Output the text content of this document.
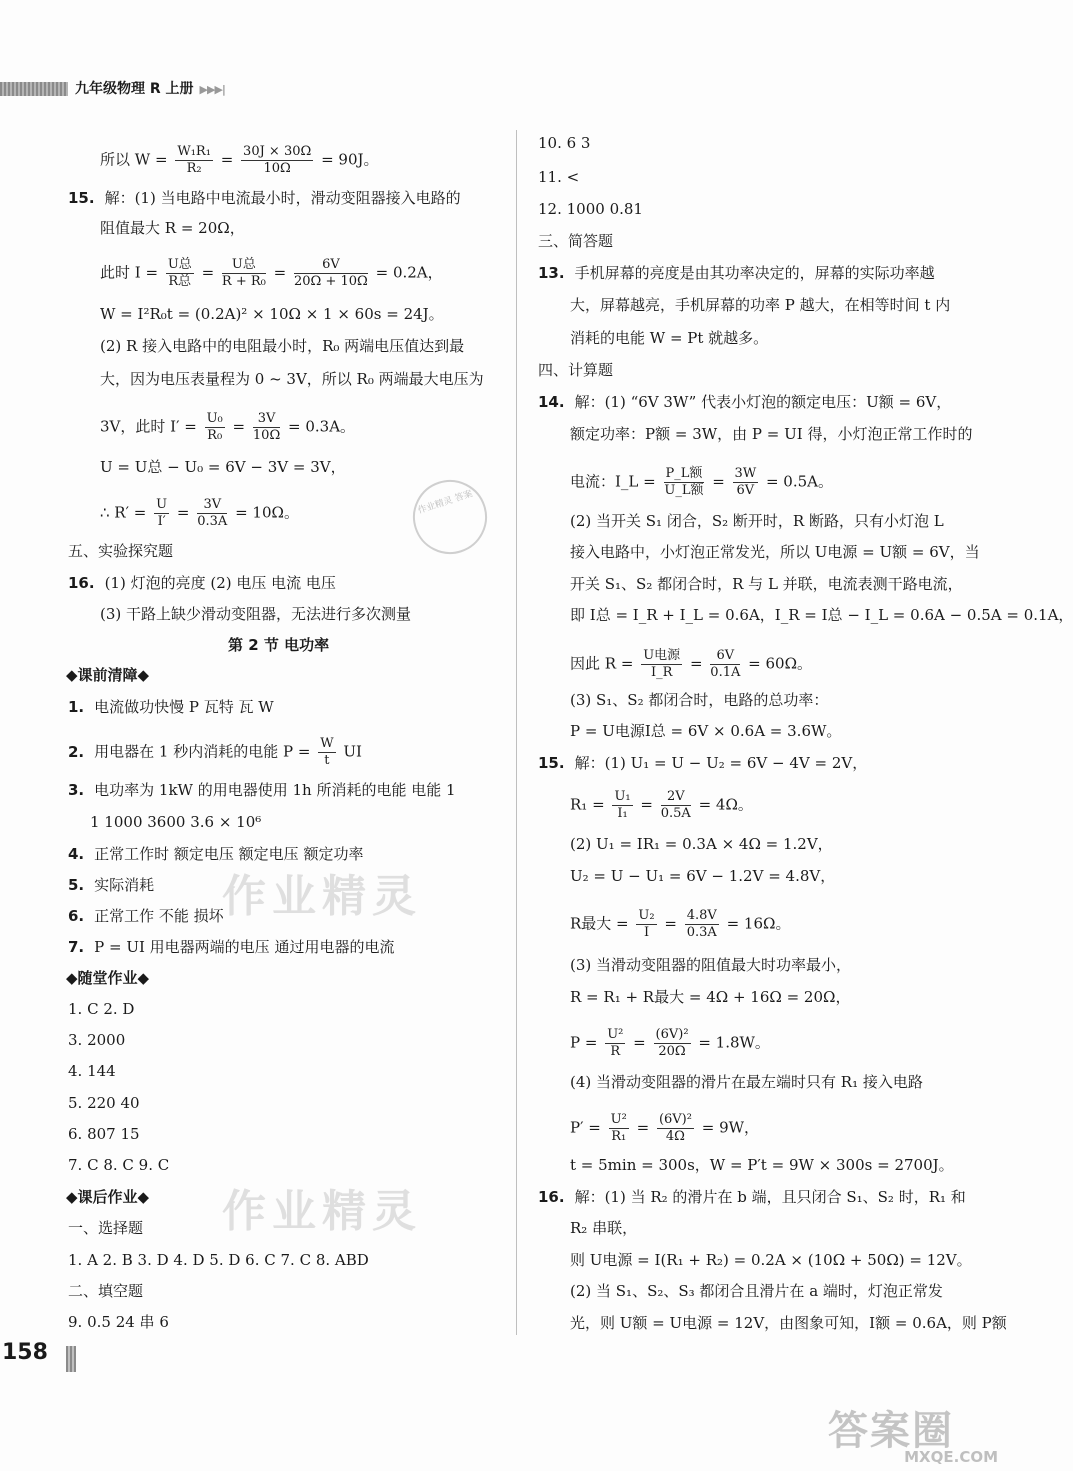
九年级物理 R 上册 ▶▶▶|
所以 $W = \frac{\text{W₁R₁}}{\text{R₂}} = \frac{30J \times 30\Omega}{10\Omega} = 90J$。
15. 解：(1) 当电路中电流最小时，滑动变阻器接入电路的
阻值最大 R = 20Ω，
此时 $I = \frac{\text{U总}}{\text{R总}} = \frac{\text{U总}}{\text{R + R₀}} = \frac{6V}{20\Omega + 10\Omega} = 0.2A$，
W = I²R₀t = (0.2A)² × 10Ω × 1 × 60s = 24J。
(2) R 接入电路中的电阻最小时，R₀ 两端电压值达到最
大，因为电压表量程为 0 ~ 3V，所以 R₀ 两端最大电压为
3V，此时 $I' = \frac{\text{U₀}}{\text{R₀}} = \frac{3V}{10\Omega} = 0.3A$。
U = U总 − U₀ = 6V − 3V = 3V，
∴ $R' = \frac{U}{I'} = \frac{3V}{0.3A} = 10\Omega$。
五、实验探究题
16. (1) 灯泡的亮度 (2) 电压 电流 电压
(3) 干路上缺少滑动变阻器，无法进行多次测量
第 2 节 电功率
◆课前清障◆
1. 电流做功快慢 P 瓦特 瓦 W
2. 用电器在 1 秒内消耗的电能 $P = \frac{W}{t}$ UI
3. 电功率为 1kW 的用电器使用 1h 所消耗的电能 电能 1
1 1000 3600 3.6 × 10⁶
4. 正常工作时 额定电压 额定电压 额定功率
5. 实际消耗
6. 正常工作 不能 损坏
7. P = UI 用电器两端的电压 通过用电器的电流
◆随堂作业◆
1. C 2. D
3. 2000
4. 144
5. 220 40
6. 807 15
7. C 8. C 9. C
◆课后作业◆
一、选择题
1. A 2. B 3. D 4. D 5. D 6. C 7. C 8. ABD
二、填空题
9. 0.5 24 串 6
10. 6 3
11. <
12. 1000 0.81
三、简答题
13. 手机屏幕的亮度是由其功率决定的，屏幕的实际功率越
大，屏幕越亮，手机屏幕的功率 P 越大，在相等时间 t 内
消耗的电能 W = Pt 就越多。
四、计算题
14. 解：(1) “6V 3W” 代表小灯泡的额定电压：U额 = 6V，
额定功率：P额 = 3W，由 P = UI 得，小灯泡正常工作时的
电流：I_L = $\frac{\text{P\_L额}}{\text{U\_L额}} = \frac{3W}{6V} = 0.5A$。
(2) 当开关 S₁ 闭合，S₂ 断开时，R 断路，只有小灯泡 L
接入电路中，小灯泡正常发光，所以 U电源 = U额 = 6V，当
开关 S₁、S₂ 都闭合时，R 与 L 并联，电流表测干路电流，
即 I总 = I_R + I_L = 0.6A，I_R = I总 − I_L = 0.6A − 0.5A = 0.1A，
因此 $R = \frac{\text{U电源}}{I\_R} = \frac{6V}{0.1A} = 60\Omega$。
(3) S₁、S₂ 都闭合时，电路的总功率：
P = U电源I总 = 6V × 0.6A = 3.6W。
15. 解：(1) U₁ = U − U₂ = 6V − 4V = 2V，
$R_1 = \frac{\text{U₁}}{\text{I₁}} = \frac{2V}{0.5A} = 4\Omega$。
(2) U₁ = IR₁ = 0.3A × 4Ω = 1.2V，
U₂ = U − U₁ = 6V − 1.2V = 4.8V，
R最大 = $\frac{\text{U₂}}{I} = \frac{4.8V}{0.3A} = 16\Omega$。
(3) 当滑动变阻器的阻值最大时功率最小，
R = R₁ + R最大 = 4Ω + 16Ω = 20Ω，
$P = \frac{\text{U²}}{R} = \frac{\text{(6V)²}}{20\Omega} = 1.8W$。
(4) 当滑动变阻器的滑片在最左端时只有 R₁ 接入电路
$P' = \frac{\text{U²}}{\text{R₁}} = \frac{\text{(6V)²}}{4\Omega} = 9W$，
t = 5min = 300s，W = P′t = 9W × 300s = 2700J。
16. 解：(1) 当 R₂ 的滑片在 b 端，且只闭合 S₁、S₂ 时，R₁ 和
R₂ 串联，
则 U电源 = I(R₁ + R₂) = 0.2A × (10Ω + 50Ω) = 12V。
(2) 当 S₁、S₂、S₃ 都闭合且滑片在 a 端时，灯泡正常发
光，则 U额 = U电源 = 12V，由图象可知，I额 = 0.6A，则 P额
作业精灵
作业精灵
作业精灵 答案
158
答案圈
MXQE.COM
